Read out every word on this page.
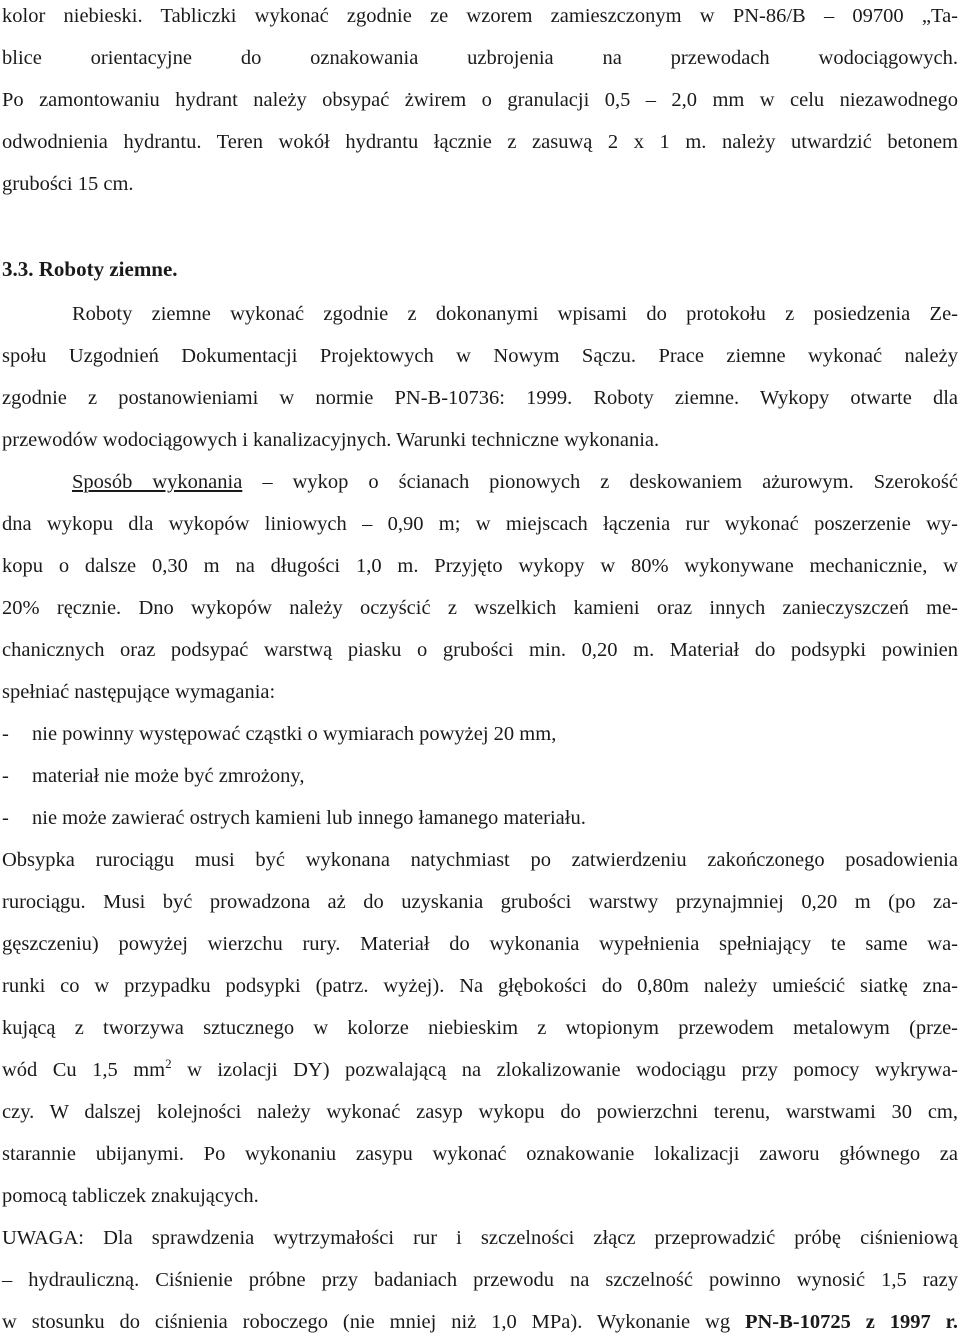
kolor niebieski. Tabliczki wykonać zgodnie ze wzorem zamieszczonym w PN-86/B – 09700 „Ta-

blice orientacyjne do oznakowania uzbrojenia na przewodach wodociągowych.

Po zamontowaniu hydrant należy obsypać żwirem o granulacji 0,5 – 2,0 mm w celu niezawodnego

odwodnienia hydrantu. Teren wokół hydrantu łącznie z zasuwą 2 x 1 m. należy utwardzić betonem

grubości 15 cm.

3.3. Roboty ziemne.

Roboty ziemne wykonać zgodnie z dokonanymi wpisami do protokołu z posiedzenia Ze-

społu Uzgodnień Dokumentacji Projektowych w Nowym Sączu. Prace ziemne wykonać należy

zgodnie z postanowieniami w normie PN-B-10736: 1999. Roboty ziemne. Wykopy otwarte dla

przewodów wodociągowych i kanalizacyjnych. Warunki techniczne wykonania.

Sposób wykonania – wykop o ścianach pionowych z deskowaniem ażurowym. Szerokość

dna wykopu dla wykopów liniowych – 0,90 m; w miejscach łączenia rur wykonać poszerzenie wy-

kopu o dalsze 0,30 m na długości 1,0 m. Przyjęto wykopy w 80% wykonywane mechanicznie, w

20% ręcznie. Dno wykopów należy oczyścić z wszelkich kamieni oraz innych zanieczyszczeń me-

chanicznych oraz podsypać warstwą piasku o grubości min. 0,20 m. Materiał do podsypki powinien

spełniać następujące wymagania:

- nie powinny występować cząstki o wymiarach powyżej 20 mm,

- materiał nie może być zmrożony,

- nie może zawierać ostrych kamieni lub innego łamanego materiału.

Obsypka rurociągu musi być wykonana natychmiast po zatwierdzeniu zakończonego posadowienia

rurociągu. Musi być prowadzona aż do uzyskania grubości warstwy przynajmniej 0,20 m (po za-

gęszczeniu) powyżej wierzchu rury. Materiał do wykonania wypełnienia spełniający te same wa-

runki co w przypadku podsypki (patrz. wyżej). Na głębokości do 0,80m należy umieścić siatkę zna-

kującą z tworzywa sztucznego w kolorze niebieskim z wtopionym przewodem metalowym (prze-

wód Cu 1,5 $mm^2$ w izolacji DY) pozwalającą na zlokalizowanie wodociągu przy pomocy wykrywa-

czy. W dalszej kolejności należy wykonać zasyp wykopu do powierzchni terenu, warstwami 30 cm,

starannie ubijanymi. Po wykonaniu zasypu wykonać oznakowanie lokalizacji zaworu głównego za

pomocą tabliczek znakujących.

UWAGA: Dla sprawdzenia wytrzymałości rur i szczelności złącz przeprowadzić próbę ciśnieniową

– hydrauliczną. Ciśnienie próbne przy badaniach przewodu na szczelność powinno wynosić 1,5 razy

w stosunku do ciśnienia roboczego (nie mniej niż 1,0 MPa). Wykonanie wg PN-B-10725 z 1997 r.
